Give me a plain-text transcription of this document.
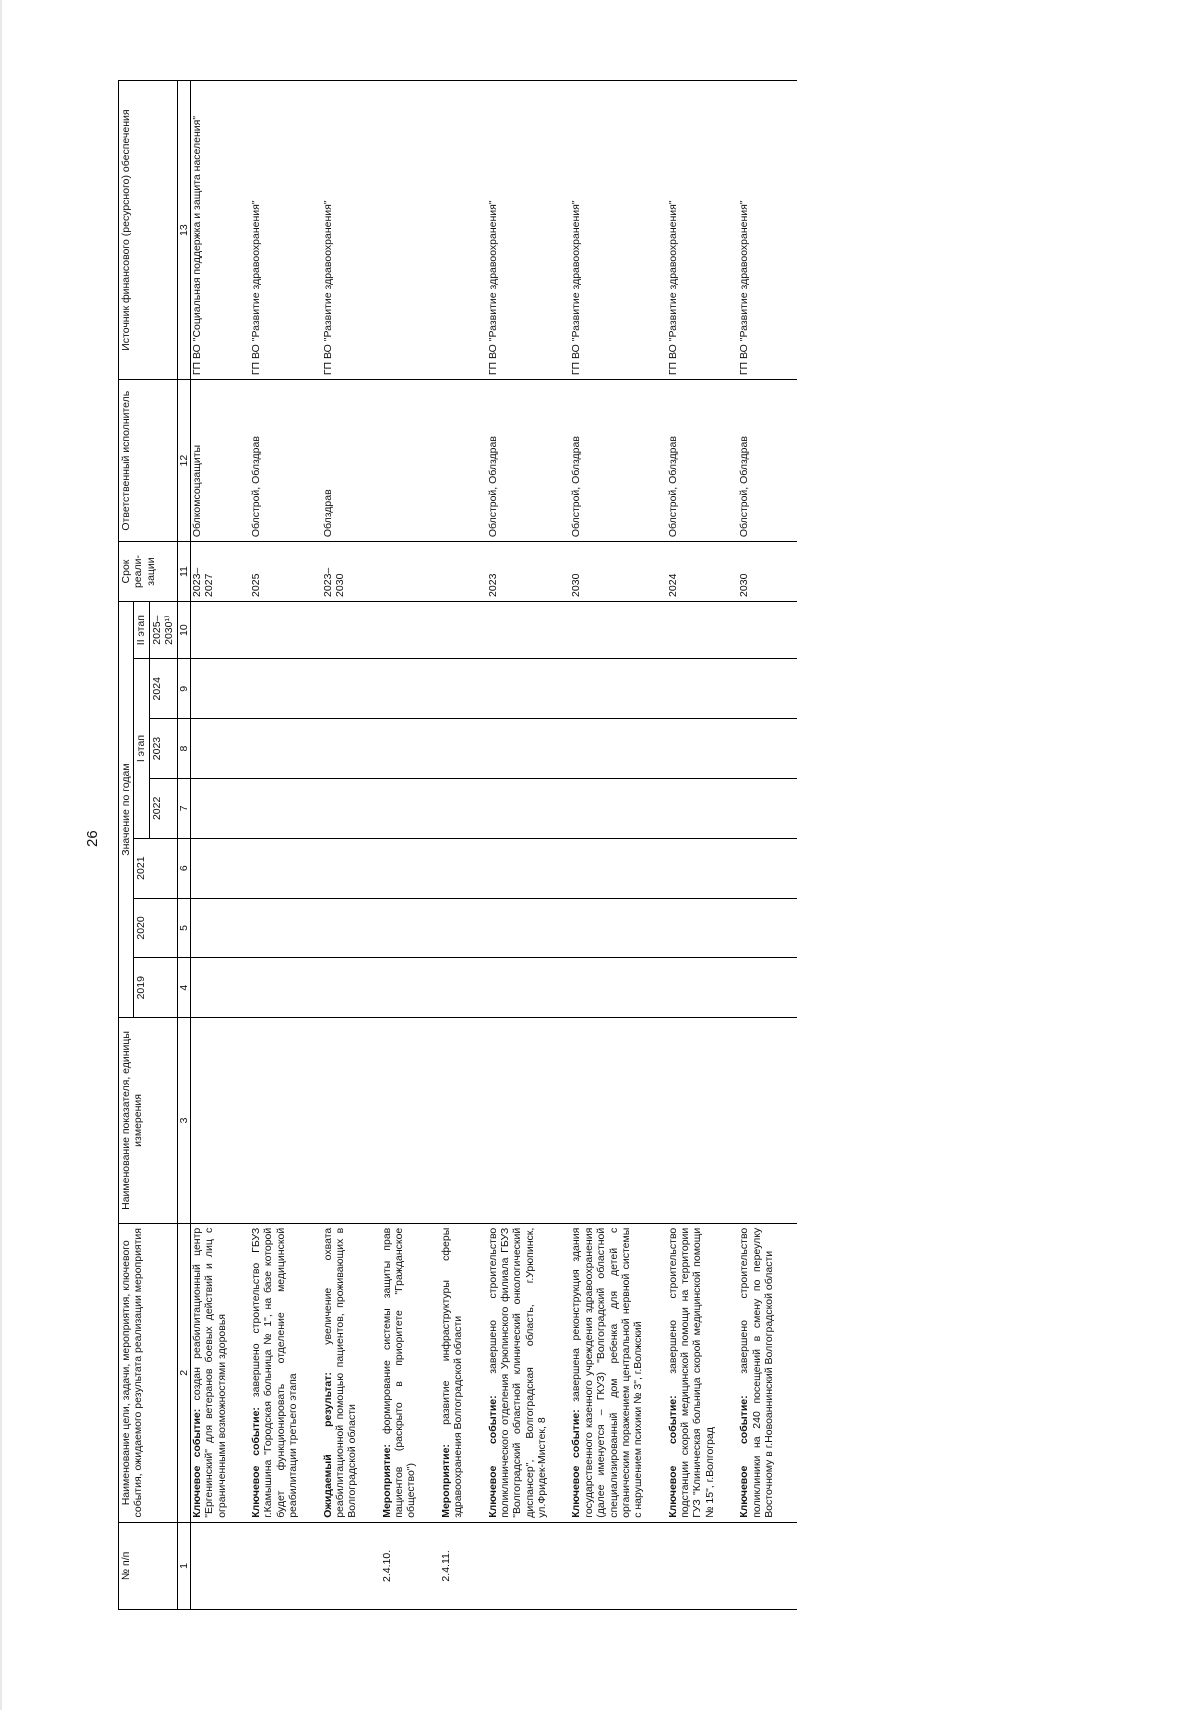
26
№ п/п	Наименование цели, задачи, мероприятия, ключевого события, ожидаемого результата реализации мероприятия	Наименование показателя, единицы измерения	Значение по годам							Срок реали-зации	Ответственный исполнитель	Источник финансового (ресурсного) обеспечения
			2019	2020	2021	I этап			II этап			
						2022	2023	2024	2025–2030¹⁾			
1	2	3	4	5	6	7	8	9	10	11	12	13
	Ключевое событие: создан реабилитационный центр "Ергенинский" для ветеранов боевых действий и лиц с ограниченными возможностями здоровья									2023–2027	Облкомсоцзащиты	ГП ВО "Социальная поддержка и защита населения"
	Ключевое событие: завершено строительство ГБУЗ г.Камышина "Городская больница № 1", на базе которой будет функционировать отделение медицинской реабилитации третьего этапа									2025	Облстрой, Облздрав	ГП ВО "Развитие здравоохранения"
	Ожидаемый результат: увеличение охвата реабилитационной помощью пациентов, проживающих в Волгоградской области									2023–2030	Облздрав	ГП ВО "Развитие здравоохранения"
2.4.10.	Мероприятие: формирование системы защиты прав пациентов (раскрыто в приоритете "Гражданское общество")											
2.4.11.	Мероприятие: развитие инфраструктуры сферы здравоохранения Волгоградской области											
	Ключевое событие: завершено строительство поликлинического отделения Урюпинского филиала ГБУЗ "Волгоградский областной клинический онкологический диспансер", Волгоградская область, г.Урюпинск, ул.Фридек-Мистек, 8									2023	Облстрой, Облздрав	ГП ВО "Развитие здравоохранения"
	Ключевое событие: завершена реконструкция здания государственного казенного учреждения здравоохранения (далее именуется – ГКУЗ) "Волгоградский областной специализированный дом ребенка для детей с органическим поражением центральной нервной системы с нарушением психики № 3", г.Волжский									2030	Облстрой, Облздрав	ГП ВО "Развитие здравоохранения"
	Ключевое событие: завершено строительство подстанции скорой медицинской помощи на территории ГУЗ "Клиническая больница скорой медицинской помощи № 15", г.Волгоград									2024	Облстрой, Облздрав	ГП ВО "Развитие здравоохранения"
	Ключевое событие: завершено строительство поликлиники на 240 посещений в смену по переулку Восточному в г.Новоаннинский Волгоградской области									2030	Облстрой, Облздрав	ГП ВО "Развитие здравоохранения"
